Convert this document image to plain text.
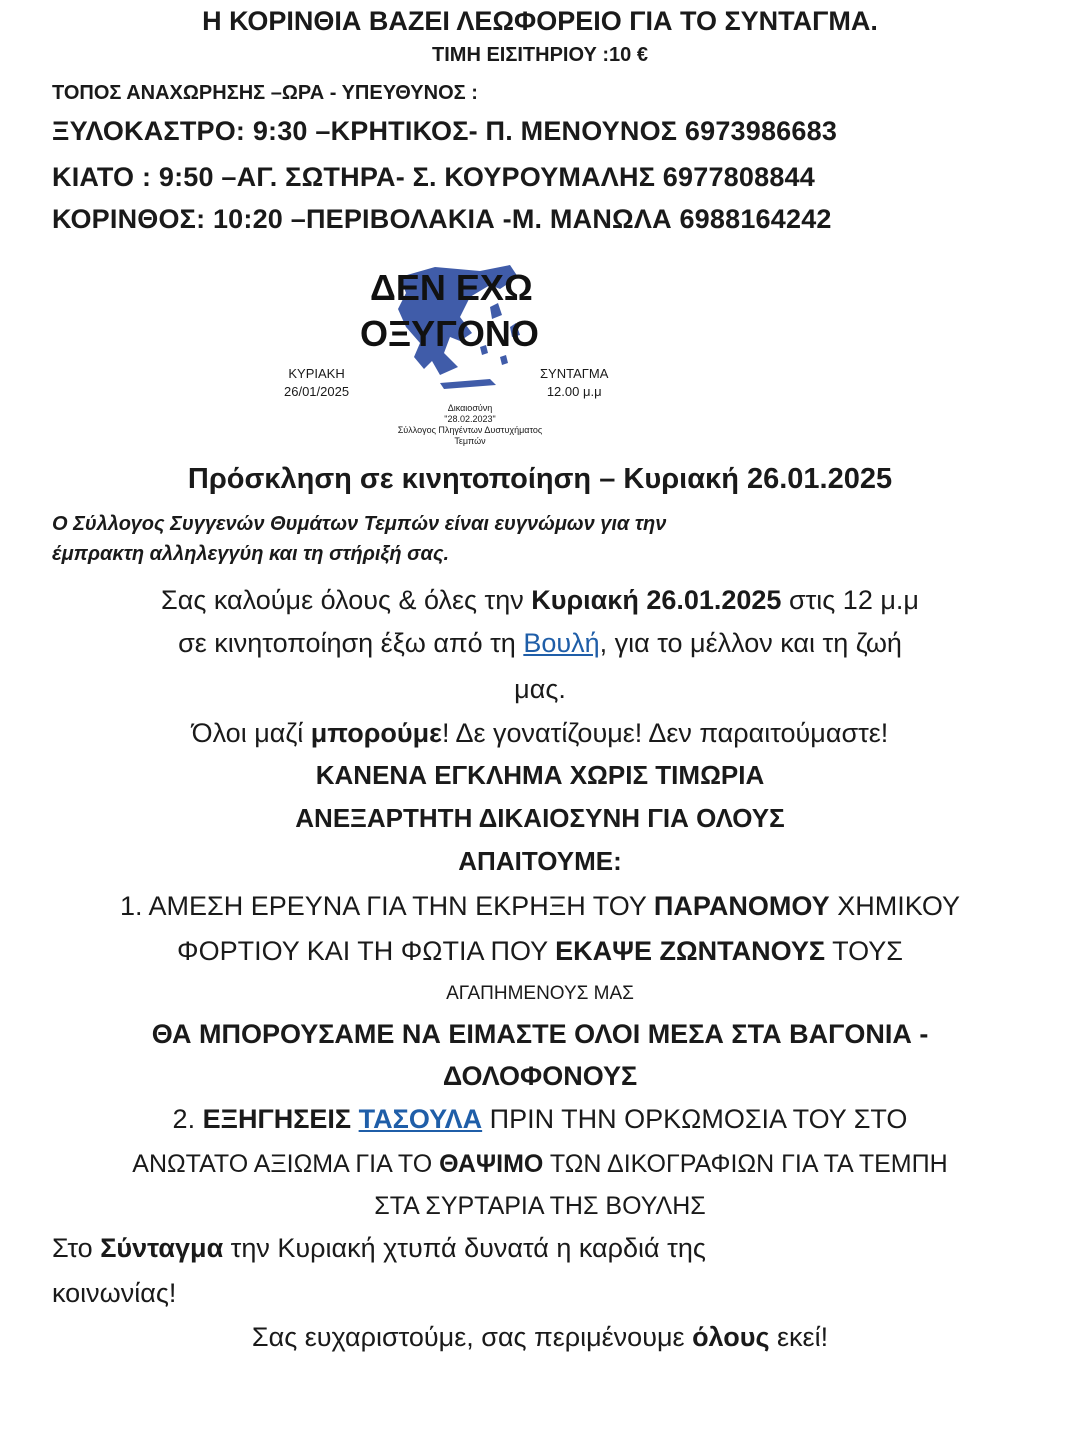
Η ΚΟΡΙΝΘΙΑ ΒΑΖΕΙ ΛΕΩΦΟΡΕΙΟ ΓΙΑ ΤΟ ΣΥΝΤΑΓΜΑ.
ΤΙΜΗ ΕΙΣΙΤΗΡΙΟΥ :10 €
ΤΟΠΟΣ ΑΝΑΧΩΡΗΣΗΣ –ΩΡΑ - ΥΠΕΥΘΥΝΟΣ :
ΞΥΛΟΚΑΣΤΡΟ: 9:30 –ΚΡΗΤΙΚΟΣ- Π. ΜΕΝΟΥΝΟΣ 6973986683
ΚΙΑΤΟ : 9:50 –ΑΓ. ΣΩΤΗΡΑ- Σ. ΚΟΥΡΟΥΜΑΛΗΣ 6977808844
ΚΟΡΙΝΘΟΣ: 10:20 –ΠΕΡΙΒΟΛΑΚΙΑ -Μ. ΜΑΝΩΛΑ 6988164242
ΔΕΝ ΕΧΩ
ΟΞΥΓΟΝΟ
ΚΥΡΙΑΚΗ
26/01/2025
ΣΥΝΤΑΓΜΑ
12.00 μ.μ
Δικαιοσύνη
"28.02.2023"
Σύλλογος Πληγέντων Δυστυχήματος
Τεμπών
Πρόσκληση σε κινητοποίηση – Κυριακή 26.01.2025
Ο Σύλλογος Συγγενών Θυμάτων Τεμπών είναι ευγνώμων για την
έμπρακτη αλληλεγγύη και τη στήριξή σας.
Σας καλούμε όλους & όλες την Κυριακή 26.01.2025 στις 12 μ.μ
σε κινητοποίηση έξω από τη Βουλή, για το μέλλον και τη ζωή
μας.
Όλοι μαζί μπορούμε! Δε γονατίζουμε! Δεν παραιτούμαστε!
ΚΑΝΕΝΑ ΕΓΚΛΗΜΑ ΧΩΡΙΣ ΤΙΜΩΡΙΑ
ΑΝΕΞΑΡΤΗΤΗ ΔΙΚΑΙΟΣΥΝΗ ΓΙΑ ΟΛΟΥΣ
ΑΠΑΙΤΟΥΜΕ:
1. ΑΜΕΣΗ ΕΡΕΥΝΑ ΓΙΑ ΤΗΝ ΕΚΡΗΞΗ ΤΟΥ ΠΑΡΑΝΟΜΟΥ ΧΗΜΙΚΟΥ
ΦΟΡΤΙΟΥ ΚΑΙ ΤΗ ΦΩΤΙΑ ΠΟΥ ΕΚΑΨΕ ΖΩΝΤΑΝΟΥΣ ΤΟΥΣ
ΑΓΑΠΗΜΕΝΟΥΣ ΜΑΣ
ΘΑ ΜΠΟΡΟΥΣΑΜΕ ΝΑ ΕΙΜΑΣΤΕ ΟΛΟΙ ΜΕΣΑ ΣΤΑ ΒΑΓΟΝΙΑ -
ΔΟΛΟΦΟΝΟΥΣ
2. ΕΞΗΓΗΣΕΙΣ ΤΑΣΟΥΛΑ ΠΡΙΝ ΤΗΝ ΟΡΚΩΜΟΣΙΑ ΤΟΥ ΣΤΟ
ΑΝΩΤΑΤΟ ΑΞΙΩΜΑ ΓΙΑ ΤΟ ΘΑΨΙΜΟ ΤΩΝ ΔΙΚΟΓΡΑΦΙΩΝ ΓΙΑ ΤΑ ΤΕΜΠΗ
ΣΤΑ ΣΥΡΤΑΡΙΑ ΤΗΣ ΒΟΥΛΗΣ
Στο Σύνταγμα την Κυριακή χτυπά δυνατά η καρδιά της
κοινωνίας!
Σας ευχαριστούμε, σας περιμένουμε όλους εκεί!
